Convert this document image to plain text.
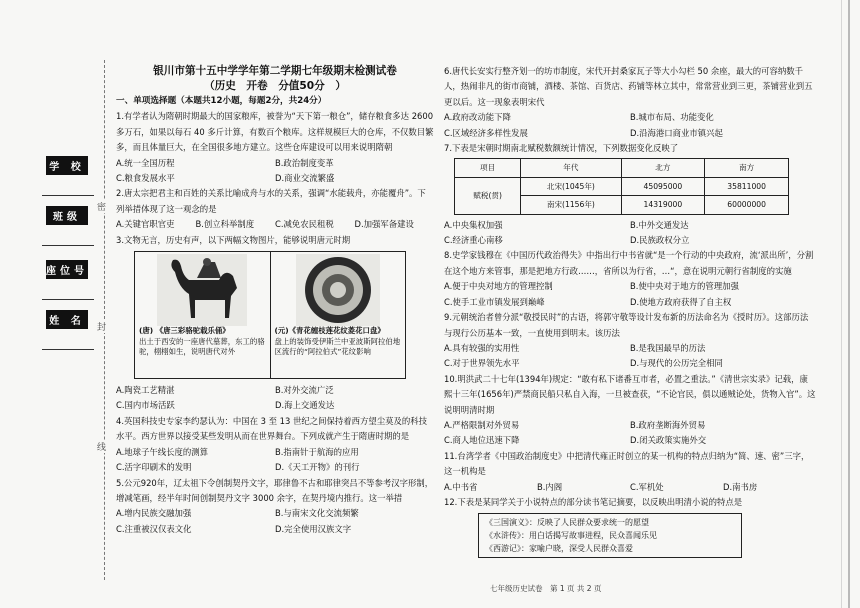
学 校
班级
座位号
姓 名
密
封
线
银川市第十五中学学年第二学期七年级期末检测试卷
（历史　开卷　分值50分　）
一、单项选择题（本题共12小题，每题2分，共24分）

1.有学者认为隋朝时期最大的国家粮库，被誉为“天下第一粮仓”，储存粮食多达 2600 多万石，如果以每石 40 多斤计算，有数百个粮库。这样规模巨大的仓库，不仅数目繁多，而且体量巨大，在全国很多地方建立。这些仓库建设可以用来说明隋朝

A.统一全国历程	B.政治制度变革
C.粮食发展水平	D.商业交流繁盛

2.唐太宗把君主和百姓的关系比喻成舟与水的关系，强调“水能载舟，亦能覆舟”。下列举措体现了这一观念的是

A.关键官职官吏	B.创立科举制度	C.减免农民租税	D.加强军备建设

3.文物无言，历史有声，以下两幅文物图片，能够说明唐元时期

(唐) 《唐三彩骆驼载乐俑》
出土于西安的一座唐代墓葬，东工的骆驼，栩栩如生，说明唐代对外
(元)《青花缠枝莲花纹菱花口盘》
盘上的装饰受伊斯兰中亚波斯阿拉伯地区流行的“阿拉伯式”花纹影响
A.陶瓷工艺精湛	B.对外交流广泛
C.国内市场活跃	D.海上交通发达

4.英国科技史专家李约瑟认为：中国在 3 至 13 世纪之间保持着西方望尘莫及的科技水平。西方世界以接受某些发明从而在世界舞台。下列成就产生于隋唐时期的是

A.地球子午线长度的测算	B.指南针于航海的应用
C.活字印刷术的发明	D.《天工开物》的刊行

5.公元920年，辽太祖下令创制契丹文字，耶律鲁不古和耶律突吕不等参考汉字形制，增减笔画，经半年时间创制契丹文字 3000 余字，在契丹境内推行。这一举措

A.增内民族交融加强	B.与南宋文化交流频繁
C.注重被汉仅表文化	D.完全使用汉族文字

6.唐代长安实行整齐划一的坊市制度，宋代开封桑家瓦子等大小勾栏 50 余座，最大的可容纳数千人，热闹非凡的街市商铺，酒楼、茶馆、百货店、药铺等林立其中，常常营业到三更，茶铺营业到五更以后。这一现象表明宋代

A.政府改动能下降	B.城市布局、功能变化
C.区域经济多样性发展	D.沿海港口商业市镇兴起

7.下表是宋朝时期南北赋税数额统计情况，下列数据变化反映了

项目	年代	北方	南方
赋税(贯)	北宋(1045年)	45095000	35811000
	南宋(1156年)	14319000	60000000
A.中央集权加强	B.中外交通发达
C.经济重心南移	D.民族政权分立

8.史学家钱穆在《中国历代政治得失》中指出行中书省就“是一个行动的中央政府，流‘派出所’，分割在这个地方来管事，那是把地方行政……，省所以为行省，…“，意在说明元朝行省制度的实施

A.便于中央对地方的管理控制	B.使中央对于地方的管理加强
C.使手工业市镇发展到巅峰	D.使地方政府获得了自主权

9.元朝统治者曾分派“敬授民时”的古语，将郭守敬等设计发布新的历法命名为《授时历》。这部历法与现行公历基本一致，一直使用到明末。该历法

A.具有较强的实用性	B.是我国最早的历法
C.对于世界领先水平	D.与现代的公历完全相同

10.明洪武二十七年(1394年)规定：“敢有私下诸番互市者，必置之重法。”《清世宗实录》记载，康熙十三年(1656年)严禁商民船只私自入海，一旦被查获，“不论官民，俱以通贼论处，货物入官”。这说明明清时期

A.严格限制对外贸易	B.政府垄断海外贸易
C.商人地位迅速下降	D.闭关政策实施外交

11.台湾学者《中国政治制度史》中把清代雍正时创立的某一机构的特点归纳为“简、速、密”三字，这一机构是

A.中书省	B.内阁	C.军机处	D.南书房

12.下表是某同学关于小说特点的部分读书笔记摘要，以反映出明清小说的特点是

《三国演义》：反映了人民群众要求统一的愿望
《水浒传》：用白话揭写故事进程，民众喜闻乐见
《西游记》：家喻户晓，深受人民群众喜爱
七年级历史试卷　第 1 页 共 2 页
